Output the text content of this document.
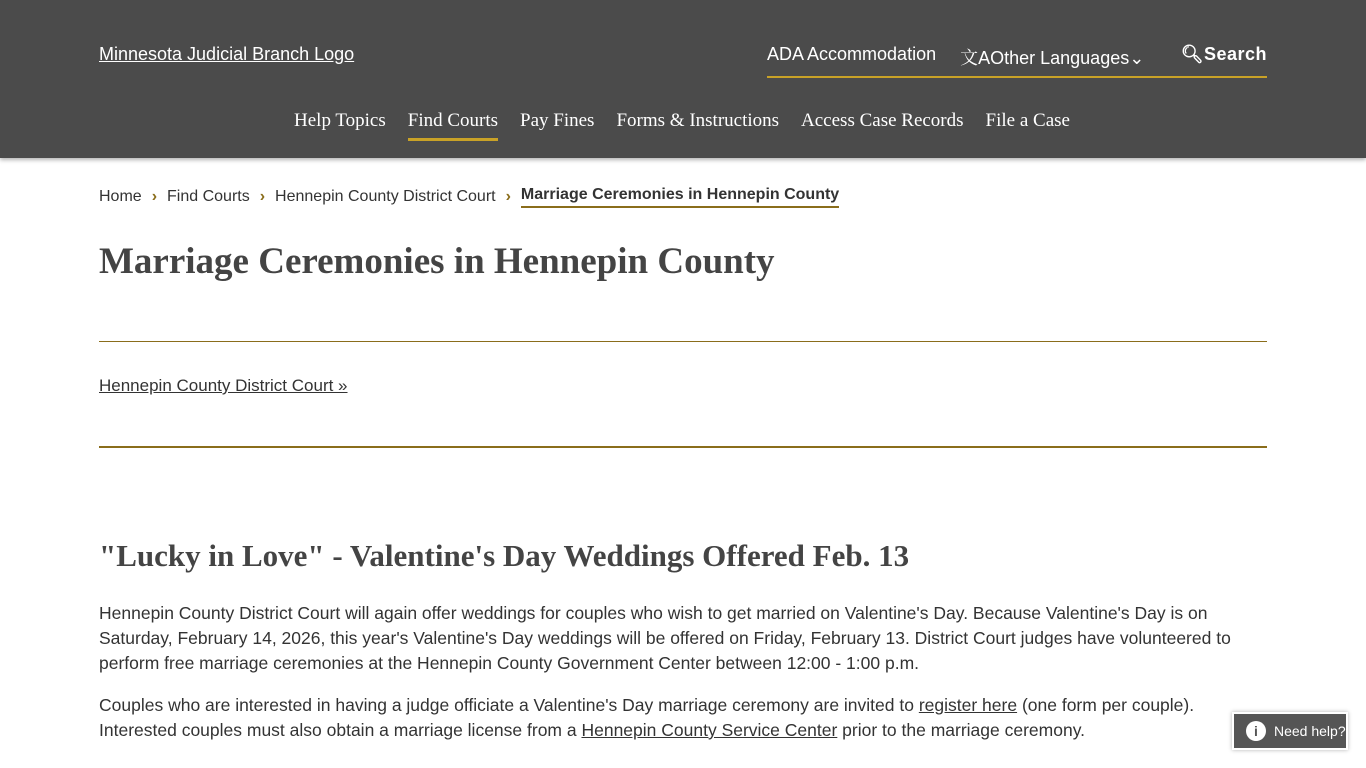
Minnesota Judicial Branch Logo	ADA Accommodation 文AOther Languages⌄ 🔍︎Search
Help Topics Find Courts Pay Fines Forms & Instructions Access Case Records File a Case
Home › Find Courts › Hennepin County District Court › Marriage Ceremonies in Hennepin County
Marriage Ceremonies in Hennepin County
Hennepin County District Court »
"Lucky in Love" - Valentine's Day Weddings Offered Feb. 13

Hennepin County District Court will again offer weddings for couples who wish to get married on Valentine's Day. Because Valentine's Day is on Saturday, February 14, 2026, this year's Valentine's Day weddings will be offered on Friday, February 13. District Court judges have volunteered to perform free marriage ceremonies at the Hennepin County Government Center between 12:00 - 1:00 p.m.

Couples who are interested in having a judge officiate a Valentine's Day marriage ceremony are invited to register here (one form per couple). Interested couples must also obtain a marriage license from a Hennepin County Service Center prior to the marriage ceremony.	i	Need help?
